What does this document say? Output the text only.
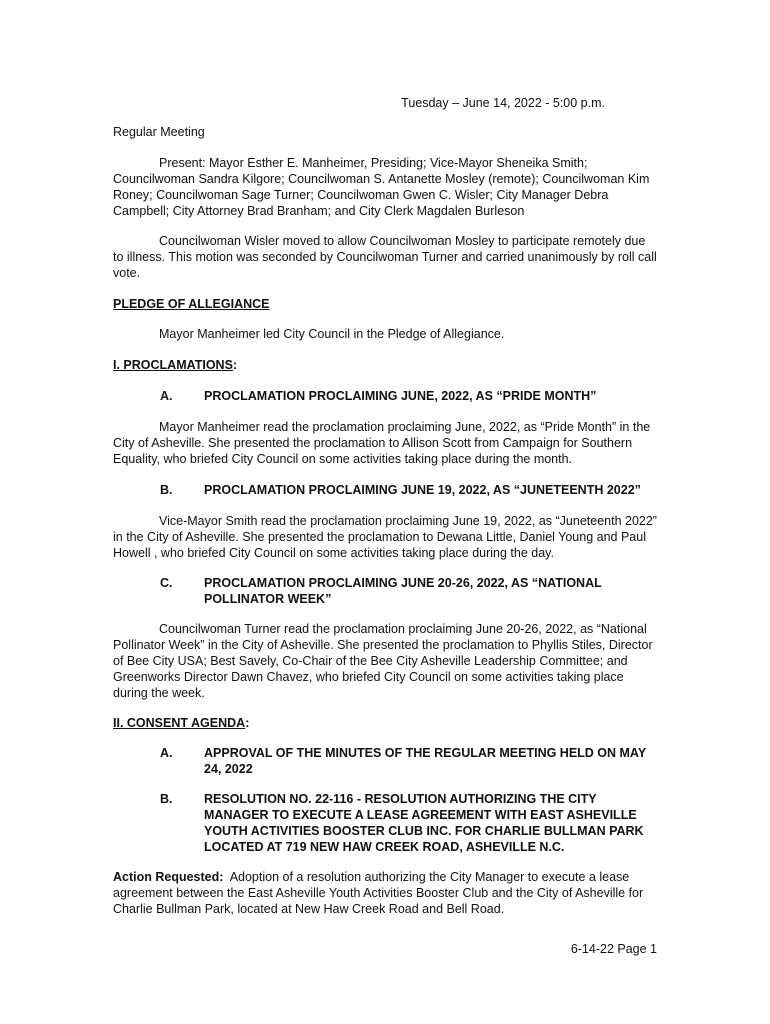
Tuesday – June 14, 2022 - 5:00 p.m.
Regular Meeting
Present: Mayor Esther E. Manheimer, Presiding; Vice-Mayor Sheneika Smith; Councilwoman Sandra Kilgore; Councilwoman S. Antanette Mosley (remote); Councilwoman Kim Roney; Councilwoman Sage Turner; Councilwoman Gwen C. Wisler; City Manager Debra Campbell; City Attorney Brad Branham; and City Clerk Magdalen Burleson
Councilwoman Wisler moved to allow Councilwoman Mosley to participate remotely due to illness. This motion was seconded by Councilwoman Turner and carried unanimously by roll call vote.
PLEDGE OF ALLEGIANCE
Mayor Manheimer led City Council in the Pledge of Allegiance.
I. PROCLAMATIONS:
A.	PROCLAMATION PROCLAIMING JUNE, 2022, AS “PRIDE MONTH”
Mayor Manheimer read the proclamation proclaiming June, 2022, as “Pride Month” in the City of Asheville. She presented the proclamation to Allison Scott from Campaign for Southern Equality, who briefed City Council on some activities taking place during the month.
B.	PROCLAMATION PROCLAIMING JUNE 19, 2022, AS “JUNETEENTH 2022”
Vice-Mayor Smith read the proclamation proclaiming June 19, 2022, as “Juneteenth 2022” in the City of Asheville. She presented the proclamation to Dewana Little, Daniel Young and Paul Howell , who briefed City Council on some activities taking place during the day.
C.	PROCLAMATION PROCLAIMING JUNE 20-26, 2022, AS “NATIONAL POLLINATOR WEEK”
Councilwoman Turner read the proclamation proclaiming June 20-26, 2022, as “National Pollinator Week” in the City of Asheville. She presented the proclamation to Phyllis Stiles, Director of Bee City USA; Best Savely, Co-Chair of the Bee City Asheville Leadership Committee; and Greenworks Director Dawn Chavez, who briefed City Council on some activities taking place during the week.
II. CONSENT AGENDA:
A.	APPROVAL OF THE MINUTES OF THE REGULAR MEETING HELD ON MAY 24, 2022
B.	RESOLUTION NO. 22-116 - RESOLUTION AUTHORIZING THE CITY MANAGER TO EXECUTE A LEASE AGREEMENT WITH EAST ASHEVILLE YOUTH ACTIVITIES BOOSTER CLUB INC. FOR CHARLIE BULLMAN PARK LOCATED AT 719 NEW HAW CREEK ROAD, ASHEVILLE N.C.
Action Requested:  Adoption of a resolution authorizing the City Manager to execute a lease agreement between the East Asheville Youth Activities Booster Club and the City of Asheville for Charlie Bullman Park, located at New Haw Creek Road and Bell Road.
6-14-22 Page 1
